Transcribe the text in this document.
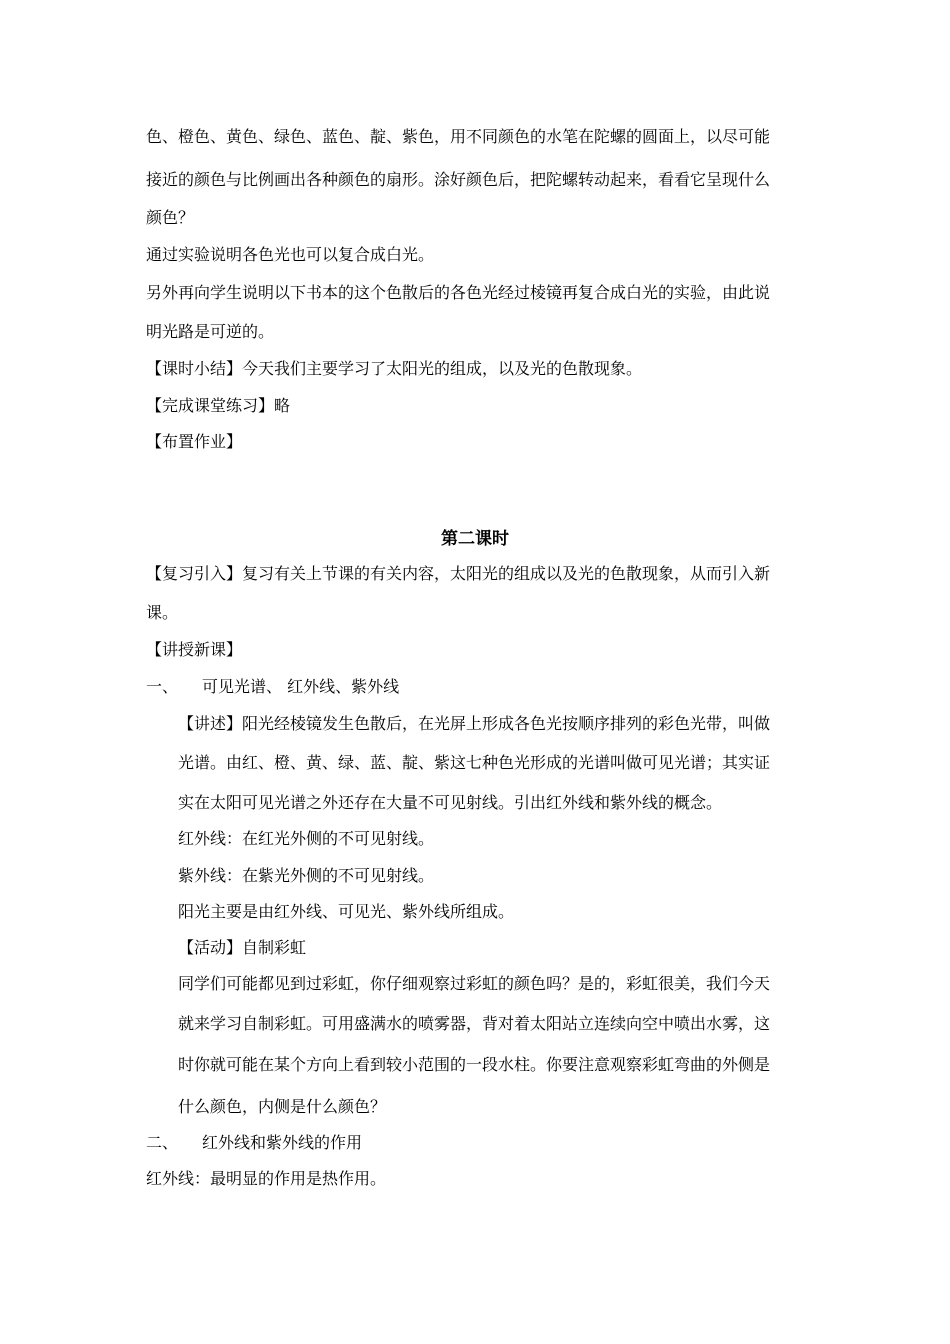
色、橙色、黄色、绿色、蓝色、靛、紫色，用不同颜色的水笔在陀螺的圆面上，以尽可能
接近的颜色与比例画出各种颜色的扇形。涂好颜色后，把陀螺转动起来，看看它呈现什么
颜色？
通过实验说明各色光也可以复合成白光。
另外再向学生说明以下书本的这个色散后的各色光经过棱镜再复合成白光的实验，由此说
明光路是可逆的。
【课时小结】今天我们主要学习了太阳光的组成，以及光的色散现象。
【完成课堂练习】略
【布置作业】
第二课时
【复习引入】复习有关上节课的有关内容，太阳光的组成以及光的色散现象，从而引入新
课。
【讲授新课】
一、 可见光谱、 红外线、紫外线
【讲述】阳光经棱镜发生色散后，在光屏上形成各色光按顺序排列的彩色光带，叫做
光谱。由红、橙、黄、绿、蓝、靛、紫这七种色光形成的光谱叫做可见光谱；其实证
实在太阳可见光谱之外还存在大量不可见射线。引出红外线和紫外线的概念。
红外线：在红光外侧的不可见射线。
紫外线：在紫光外侧的不可见射线。
阳光主要是由红外线、可见光、紫外线所组成。
【活动】自制彩虹
同学们可能都见到过彩虹，你仔细观察过彩虹的颜色吗？是的，彩虹很美，我们今天
就来学习自制彩虹。可用盛满水的喷雾器，背对着太阳站立连续向空中喷出水雾，这
时你就可能在某个方向上看到较小范围的一段水柱。你要注意观察彩虹弯曲的外侧是
什么颜色，内侧是什么颜色？
二、 红外线和紫外线的作用
红外线：最明显的作用是热作用。
